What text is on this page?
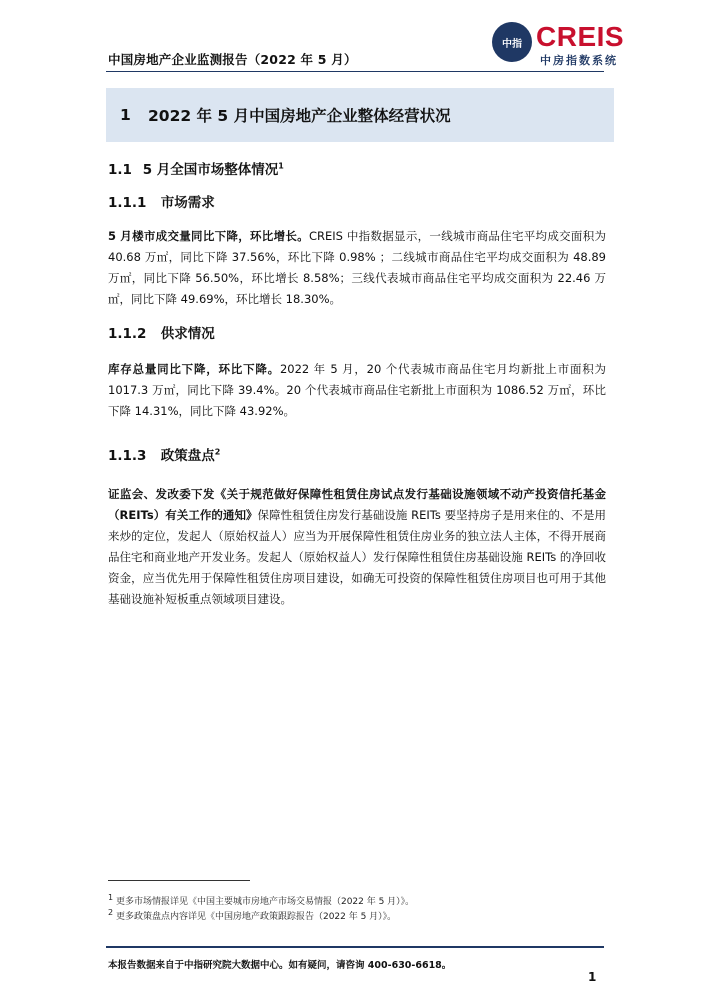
中国房地产企业监测报告（2022 年 5 月）
中指 CREIS
中房指数系统
1	2022 年 5 月中国房地产企业整体经营状况
1.1 5 月全国市场整体情况$^1$
1.1.1 市场需求
5 月楼市成交量同比下降，环比增长。CREIS 中指数据显示，一线城市商品住宅平均成交面积为 40.68 万㎡，同比下降 37.56%，环比下降 0.98% ；二线城市商品住宅平均成交面积为 48.89 万㎡，同比下降 56.50%，环比增长 8.58%；三线代表城市商品住宅平均成交面积为 22.46 万㎡，同比下降 49.69%，环比增长 18.30%。
1.1.2 供求情况
库存总量同比下降，环比下降。2022 年 5 月，20 个代表城市商品住宅月均新批上市面积为 1017.3 万㎡，同比下降 39.4%。20 个代表城市商品住宅新批上市面积为 1086.52 万㎡，环比下降 14.31%，同比下降 43.92%。
1.1.3 政策盘点$^2$
证监会、发改委下发《关于规范做好保障性租赁住房试点发行基础设施领域不动产投资信托基金（REITs）有关工作的通知》保障性租赁住房发行基础设施 REITs 要坚持房子是用来住的、不是用来炒的定位，发起人（原始权益人）应当为开展保障性租赁住房业务的独立法人主体，不得开展商品住宅和商业地产开发业务。发起人（原始权益人）发行保障性租赁住房基础设施 REITs 的净回收资金，应当优先用于保障性租赁住房项目建设，如确无可投资的保障性租赁住房项目也可用于其他基础设施补短板重点领域项目建设。
$^1$ 更多市场情报详见《中国主要城市房地产市场交易情报（2022 年 5 月）》。
$^2$ 更多政策盘点内容详见《中国房地产政策跟踪报告（2022 年 5 月）》。
本报告数据来自于中指研究院大数据中心。如有疑问，请咨询 400-630-6618。
1
